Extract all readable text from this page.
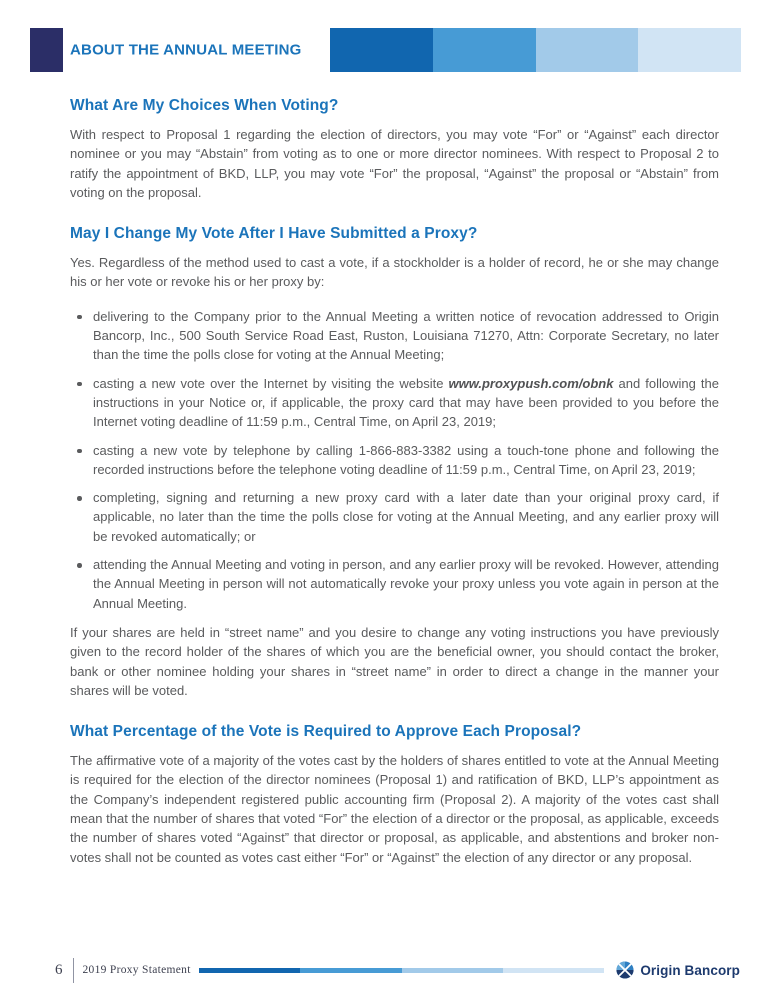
ABOUT THE ANNUAL MEETING
What Are My Choices When Voting?

With respect to Proposal 1 regarding the election of directors, you may vote “For” or “Against” each director nominee or you may “Abstain” from voting as to one or more director nominees. With respect to Proposal 2 to ratify the appointment of BKD, LLP, you may vote “For” the proposal, “Against” the proposal or “Abstain” from voting on the proposal.

May I Change My Vote After I Have Submitted a Proxy?

Yes. Regardless of the method used to cast a vote, if a stockholder is a holder of record, he or she may change his or her vote or revoke his or her proxy by:

delivering to the Company prior to the Annual Meeting a written notice of revocation addressed to Origin Bancorp, Inc., 500 South Service Road East, Ruston, Louisiana 71270, Attn: Corporate Secretary, no later than the time the polls close for voting at the Annual Meeting;
casting a new vote over the Internet by visiting the website www.proxypush.com/obnk and following the instructions in your Notice or, if applicable, the proxy card that may have been provided to you before the Internet voting deadline of 11:59 p.m., Central Time, on April 23, 2019;
casting a new vote by telephone by calling 1-866-883-3382 using a touch-tone phone and following the recorded instructions before the telephone voting deadline of 11:59 p.m., Central Time, on April 23, 2019;
completing, signing and returning a new proxy card with a later date than your original proxy card, if applicable, no later than the time the polls close for voting at the Annual Meeting, and any earlier proxy will be revoked automatically; or
attending the Annual Meeting and voting in person, and any earlier proxy will be revoked. However, attending the Annual Meeting in person will not automatically revoke your proxy unless you vote again in person at the Annual Meeting.

If your shares are held in “street name” and you desire to change any voting instructions you have previously given to the record holder of the shares of which you are the beneficial owner, you should contact the broker, bank or other nominee holding your shares in “street name” in order to direct a change in the manner your shares will be voted.

What Percentage of the Vote is Required to Approve Each Proposal?

The affirmative vote of a majority of the votes cast by the holders of shares entitled to vote at the Annual Meeting is required for the election of the director nominees (Proposal 1) and ratification of BKD, LLP’s appointment as the Company’s independent registered public accounting firm (Proposal 2). A majority of the votes cast shall mean that the number of shares that voted “For” the election of a director or the proposal, as applicable, exceeds the number of shares voted “Against” that director or proposal, as applicable, and abstentions and broker non-votes shall not be counted as votes cast either “For” or “Against” the election of any director or any proposal.

6 2019 Proxy Statement	Origin Bancorp
